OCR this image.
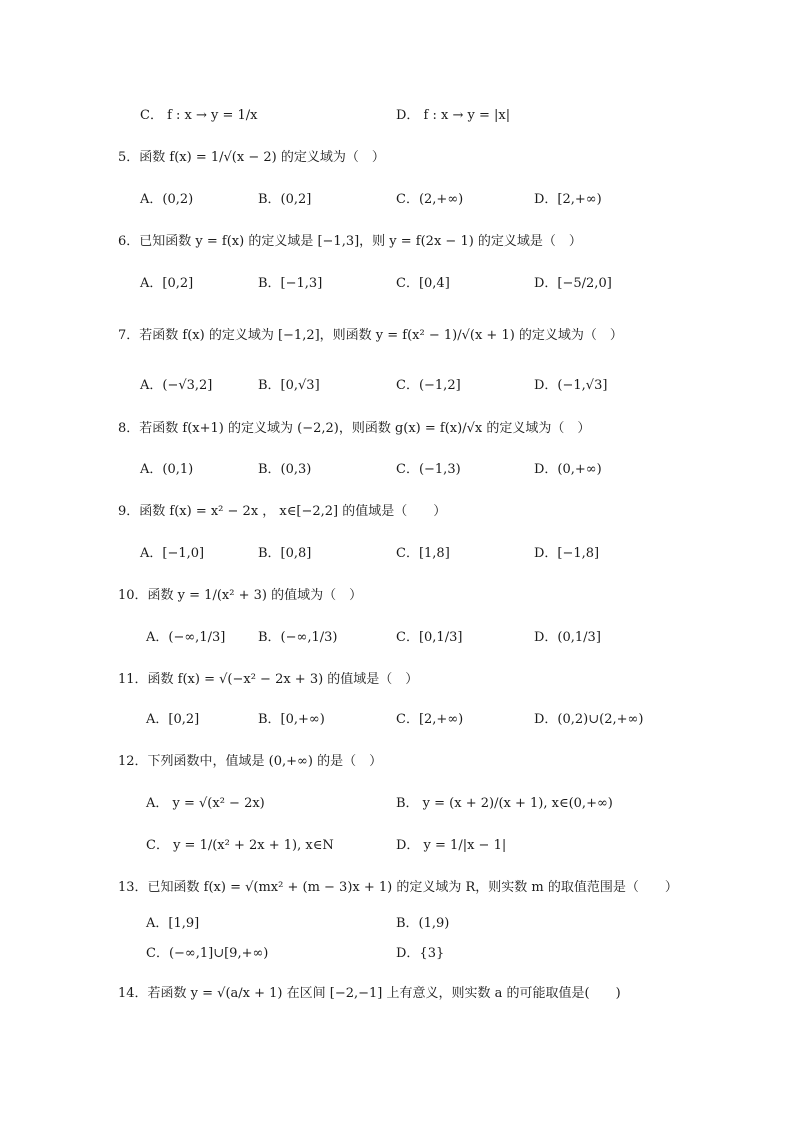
C． f : x → y = 1/x	D． f : x → y = |x|
5．函数 f(x) = 1/√(x − 2) 的定义域为（　）
A．(0,2)	B．(0,2]	C．(2,+∞)	D．[2,+∞)
6．已知函数 y = f(x) 的定义域是 [−1,3]，则 y = f(2x − 1) 的定义域是（　）
A．[0,2]	B．[−1,3]	C．[0,4]	D．[−5/2,0]
7．若函数 f(x) 的定义域为 [−1,2]，则函数 y = f(x² − 1)/√(x + 1) 的定义域为（　）
A．(−√3,2]	B．[0,√3]	C．(−1,2]	D．(−1,√3]
8．若函数 f(x+1) 的定义域为 (−2,2)，则函数 g(x) = f(x)/√x 的定义域为（　）
A．(0,1)	B．(0,3)	C．(−1,3)	D．(0,+∞)
9．函数 f(x) = x² − 2x ， x∈[−2,2] 的值域是（　　）
A．[−1,0]	B．[0,8]	C．[1,8]	D．[−1,8]
10．函数 y = 1/(x² + 3) 的值域为（　）
A．(−∞,1/3]	B．(−∞,1/3)	C．[0,1/3]	D．(0,1/3]
11．函数 f(x) = √(−x² − 2x + 3) 的值域是（　）
A．[0,2]	B．[0,+∞)	C．[2,+∞)	D．(0,2)∪(2,+∞)
12．下列函数中，值域是 (0,+∞) 的是（　）
A． y = √(x² − 2x)	B． y = (x + 2)/(x + 1), x∈(0,+∞)
C． y = 1/(x² + 2x + 1), x∈N	D． y = 1/|x − 1|
13．已知函数 f(x) = √(mx² + (m − 3)x + 1) 的定义域为 R，则实数 m 的取值范围是（　　）
A．[1,9]	B．(1,9)
C．(−∞,1]∪[9,+∞)	D．{3}
14．若函数 y = √(a/x + 1) 在区间 [−2,−1] 上有意义，则实数 a 的可能取值是(　　)
